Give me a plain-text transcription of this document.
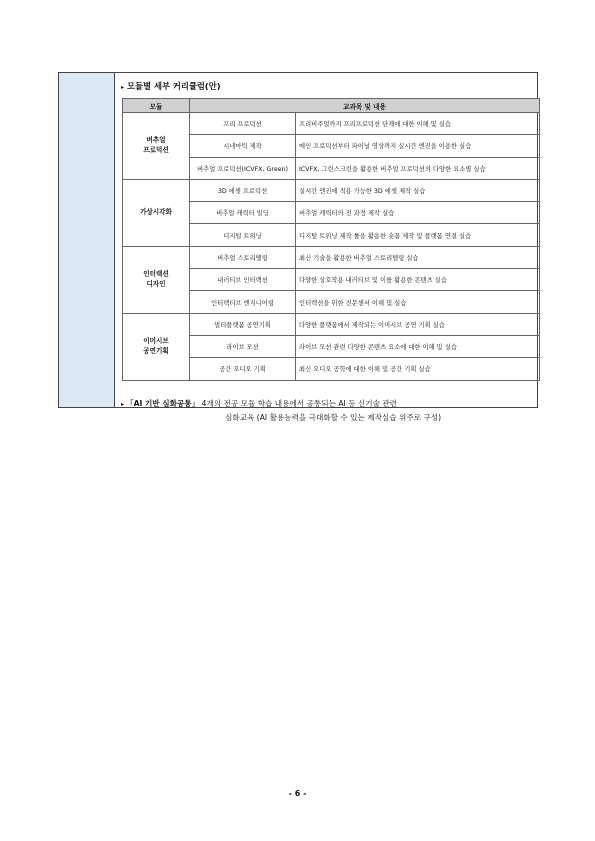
▸ 모듈별 세부 커리큘럼(안)
모듈	교과목 및 내용	
버추얼
프로덕션	프리 프로덕션	프리비주얼까지 프리프로덕션 단계에 대한 이해 및 실습
	시네마틱 제작	메인 프로덕션부터 파이널 영상까지 실시간 엔진을 이용한 실습
	버추얼 프로덕션(ICVFX, Green)	ICVFX, 그린스크린을 활용한 버추얼 프로덕션의 다양한 요소별 실습
가상시각화	3D 에셋 프로덕션	실시간 엔진에 적용 가능한 3D 에셋 제작 실습
	버추얼 캐릭터 빌딩	버추얼 캐릭터의 전 과정 제작 실습
	디지털 트위닝	디지털 트위닝 제작 툴을 활용한 숏폼 제작 및 플랫폼 연결 실습
인터랙션
디자인	버추얼 스토리텔링	최신 기술을 활용한 버추얼 스토리텔링 실습
	내러티브 인터랙션	다양한 상호작용 내러티브 및 이를 활용한 콘텐츠 실습
	인터랙티브 엔지니어링	인터랙션을 위한 전문센서 이해 및 실습
이머시브
공연기획	멀티플랫폼 공연기획	다양한 플랫폼에서 제작되는 이머시브 공연 기획 실습
	라이브 모션	라이브 모션 관련 다양한 콘텐츠 요소에 대한 이해 및 실습
	공간 오디오 기획	최신 오디오 공학에 대한 이해 및 공간 기획 실습
▸ 「AI 기반 심화공통」 4개의 전공 모듈 학습 내용에서 공통되는 AI 등 신기술 관련
심화교육 (AI 활용능력을 극대화할 수 있는 제작실습 위주로 구성)
- 6 -
